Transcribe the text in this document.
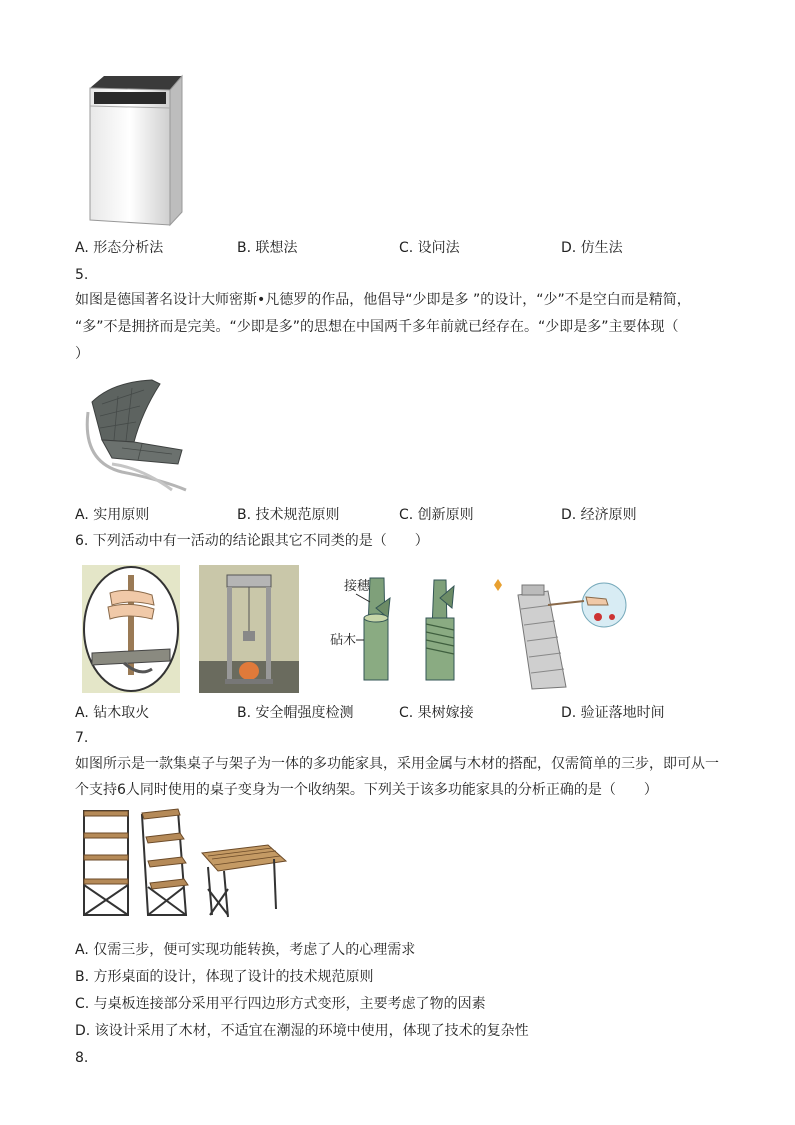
A. 形态分析法	B. 联想法	C. 设问法	D. 仿生法
5.
如图是德国著名设计大师密斯•凡德罗的作品，他倡导“少即是多 ”的设计，“少”不是空白而是精简，
“多”不是拥挤而是完美。“少即是多”的思想在中国两千多年前就已经存在。“少即是多”主要体现（
）
A. 实用原则	B. 技术规范原则	C. 创新原则	D. 经济原则
6. 下列活动中有一活动的结论跟其它不同类的是（　　）
接穗
砧木
A. 钻木取火	B. 安全帽强度检测	C. 果树嫁接	D. 验证落地时间
7.
如图所示是一款集桌子与架子为一体的多功能家具，采用金属与木材的搭配，仅需简单的三步，即可从一
个支持6人同时使用的桌子变身为一个收纳架。下列关于该多功能家具的分析正确的是（　　）
A. 仅需三步，便可实现功能转换，考虑了人的心理需求
B. 方形桌面的设计，体现了设计的技术规范原则
C. 与桌板连接部分采用平行四边形方式变形，主要考虑了物的因素
D. 该设计采用了木材，不适宜在潮湿的环境中使用，体现了技术的复杂性
8.
